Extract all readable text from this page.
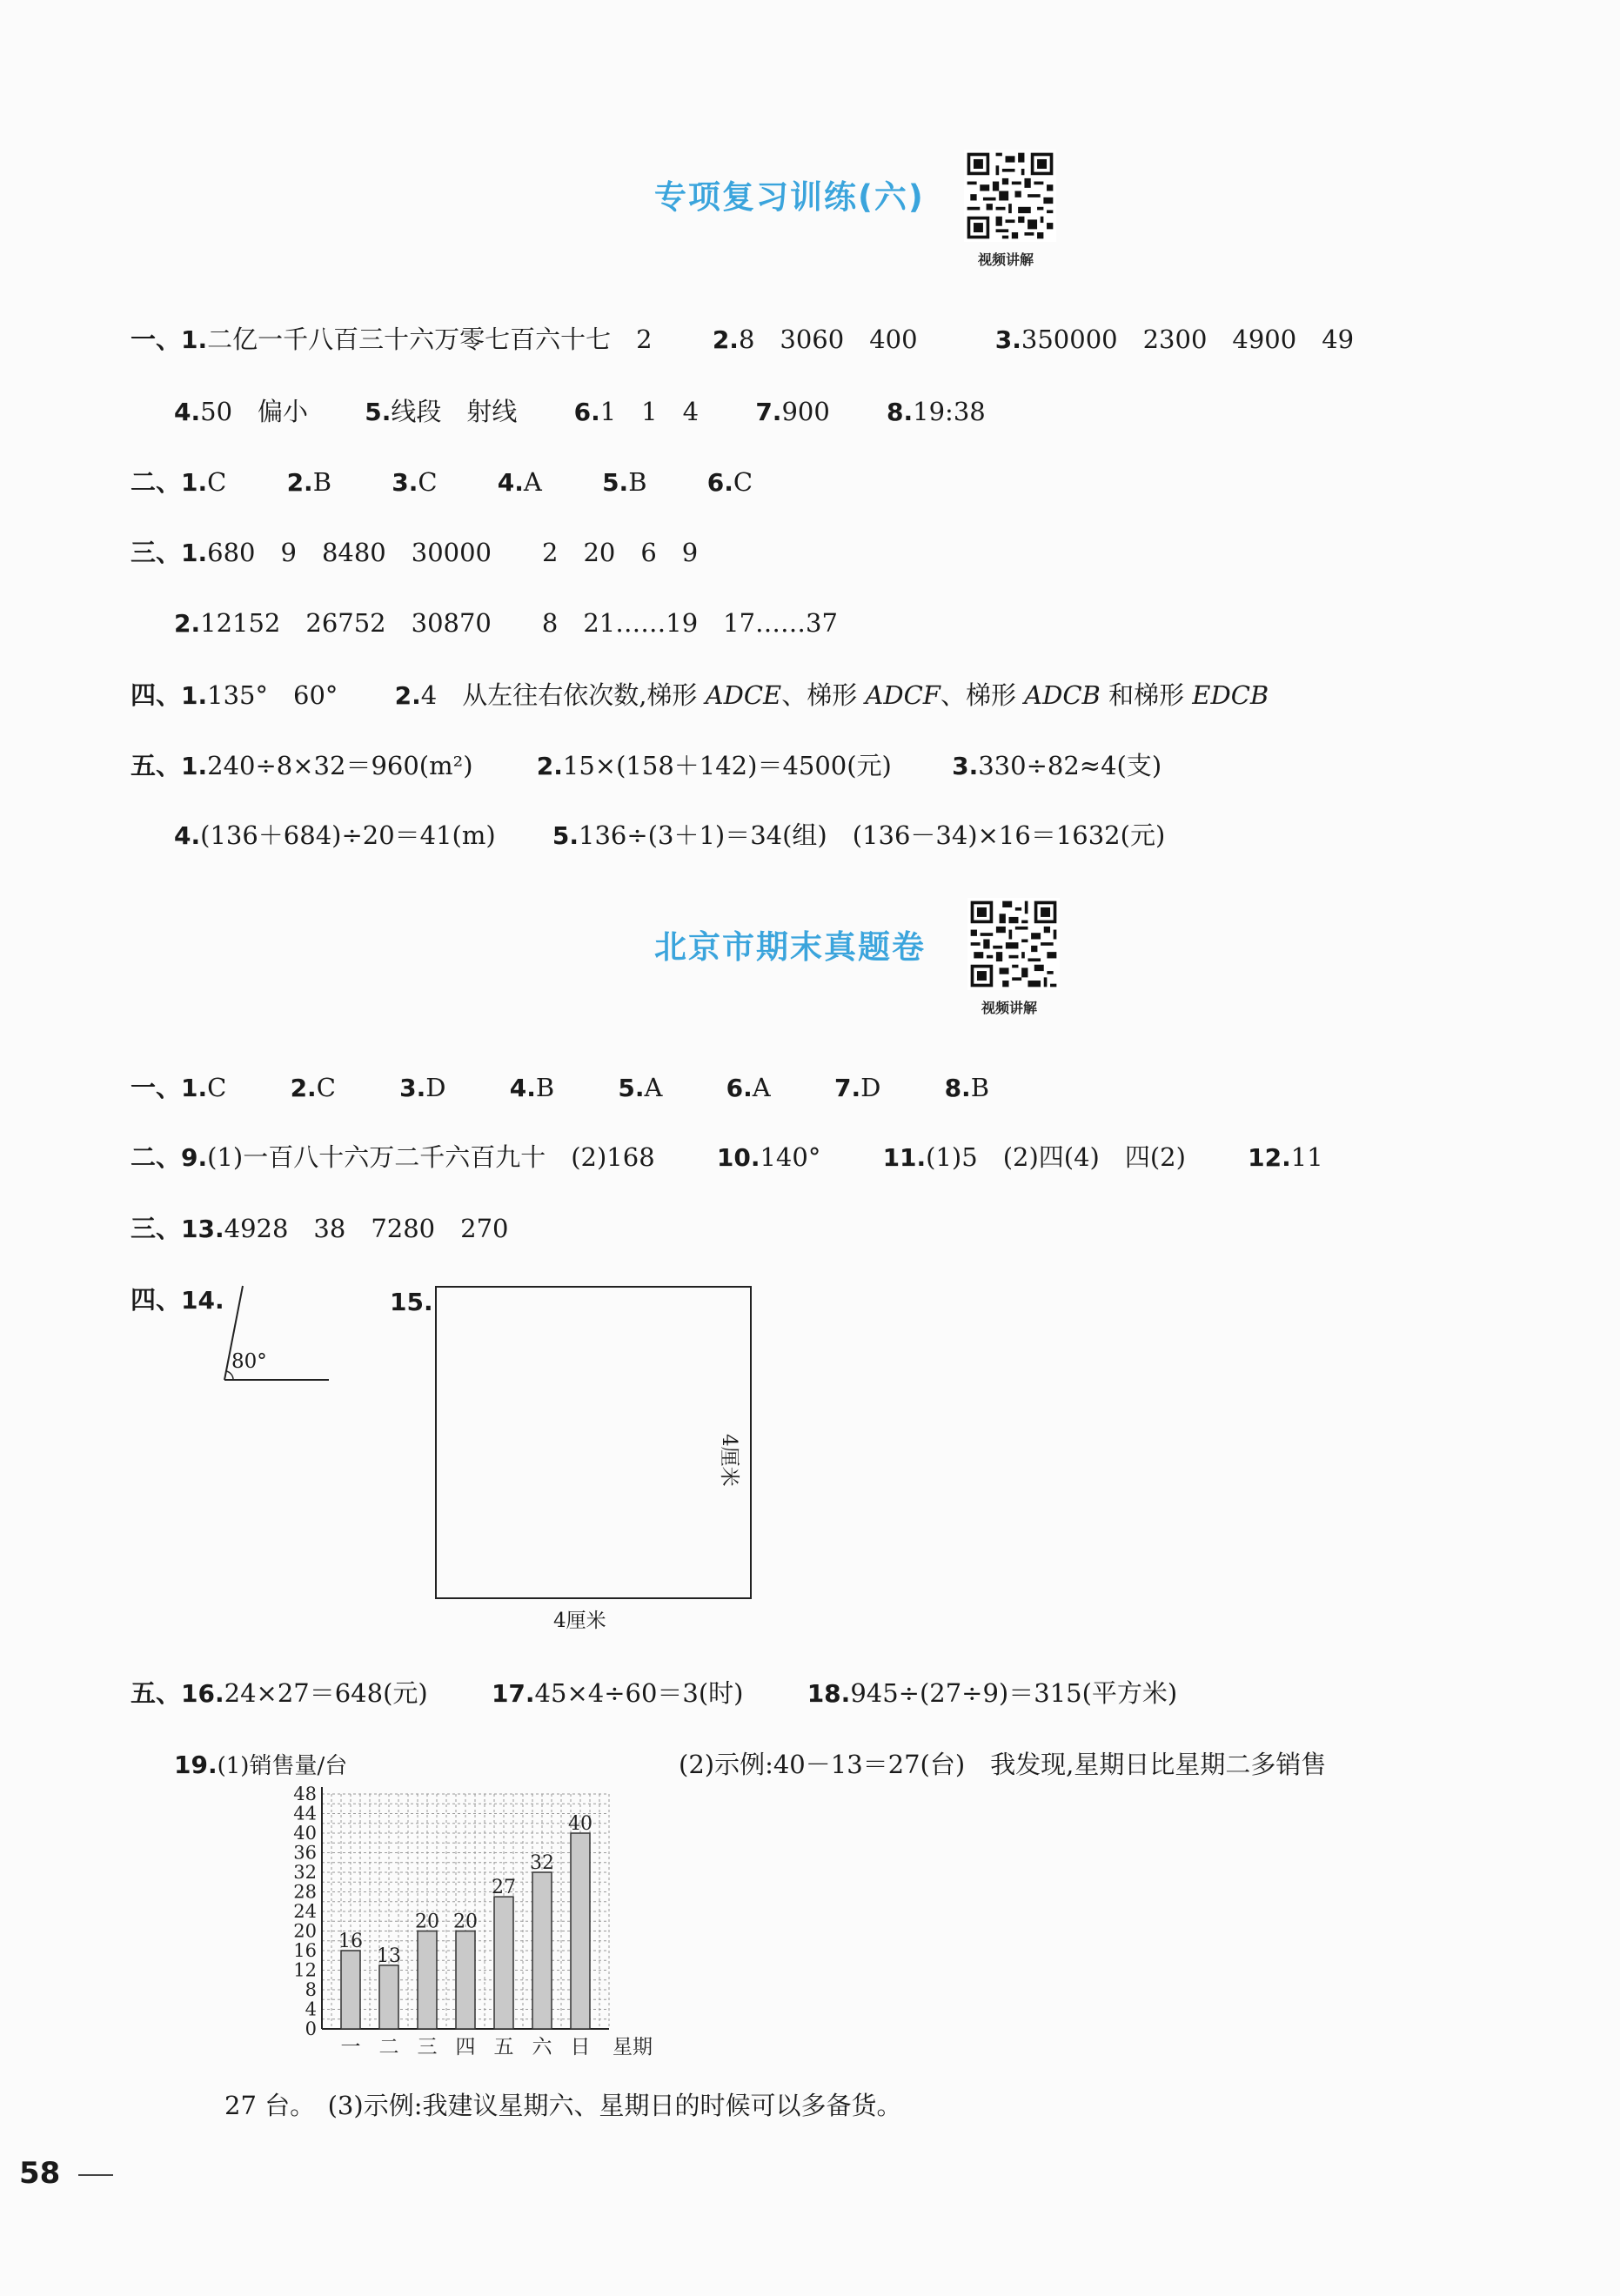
专项复习训练(六)
视频讲解
一、1.二亿一千八百三十六万零七百六十七　2 2.8　3060　400	3.350000　2300　4900　49
4.50　偏小 5.线段　射线 6.1　1　4 7.900 8.19:38
二、1.C 2.B 3.C 4.A 5.B 6.C
三、1.680　9　8480　30000　　2　20　6　9
2.12152　26752　30870　　8　21……19　17……37
四、1.135°　60° 2.4　从左往右依次数,梯形 ADCE、梯形 ADCF、梯形 ADCB 和梯形 EDCB
五、1.240÷8×32＝960(m²)	2.15×(158＋142)＝4500(元) 3.330÷82≈4(支)
4.(136＋684)÷20＝41(m) 5.136÷(3＋1)＝34(组)　(136－34)×16＝1632(元)
北京市期末真题卷
视频讲解
一、1.C	2.C	3.D	4.B	5.A	6.A	7.D	8.B
二、9.(1)一百八十六万二千六百九十　(2)168	10.140°	11.(1)5　(2)四(4)　四(2)	12.11
三、13.4928　38　7280　270
四、14.
80°
15.
4厘米
4厘米
五、16.24×27＝648(元)	17.45×4÷60＝3(时)	18.945÷(27÷9)＝315(平方米)
19.(1)销售量/台	(2)示例:40－13＝27(台)　我发现,星期日比星期二多销售
0
4
8
12
16
20
24
28
32
36
40
44
48
16
一
13
二
20
三
20
四
27
五
32
六
40
日 星期
27 台。　(3)示例:我建议星期六、星期日的时候可以多备货。
58
